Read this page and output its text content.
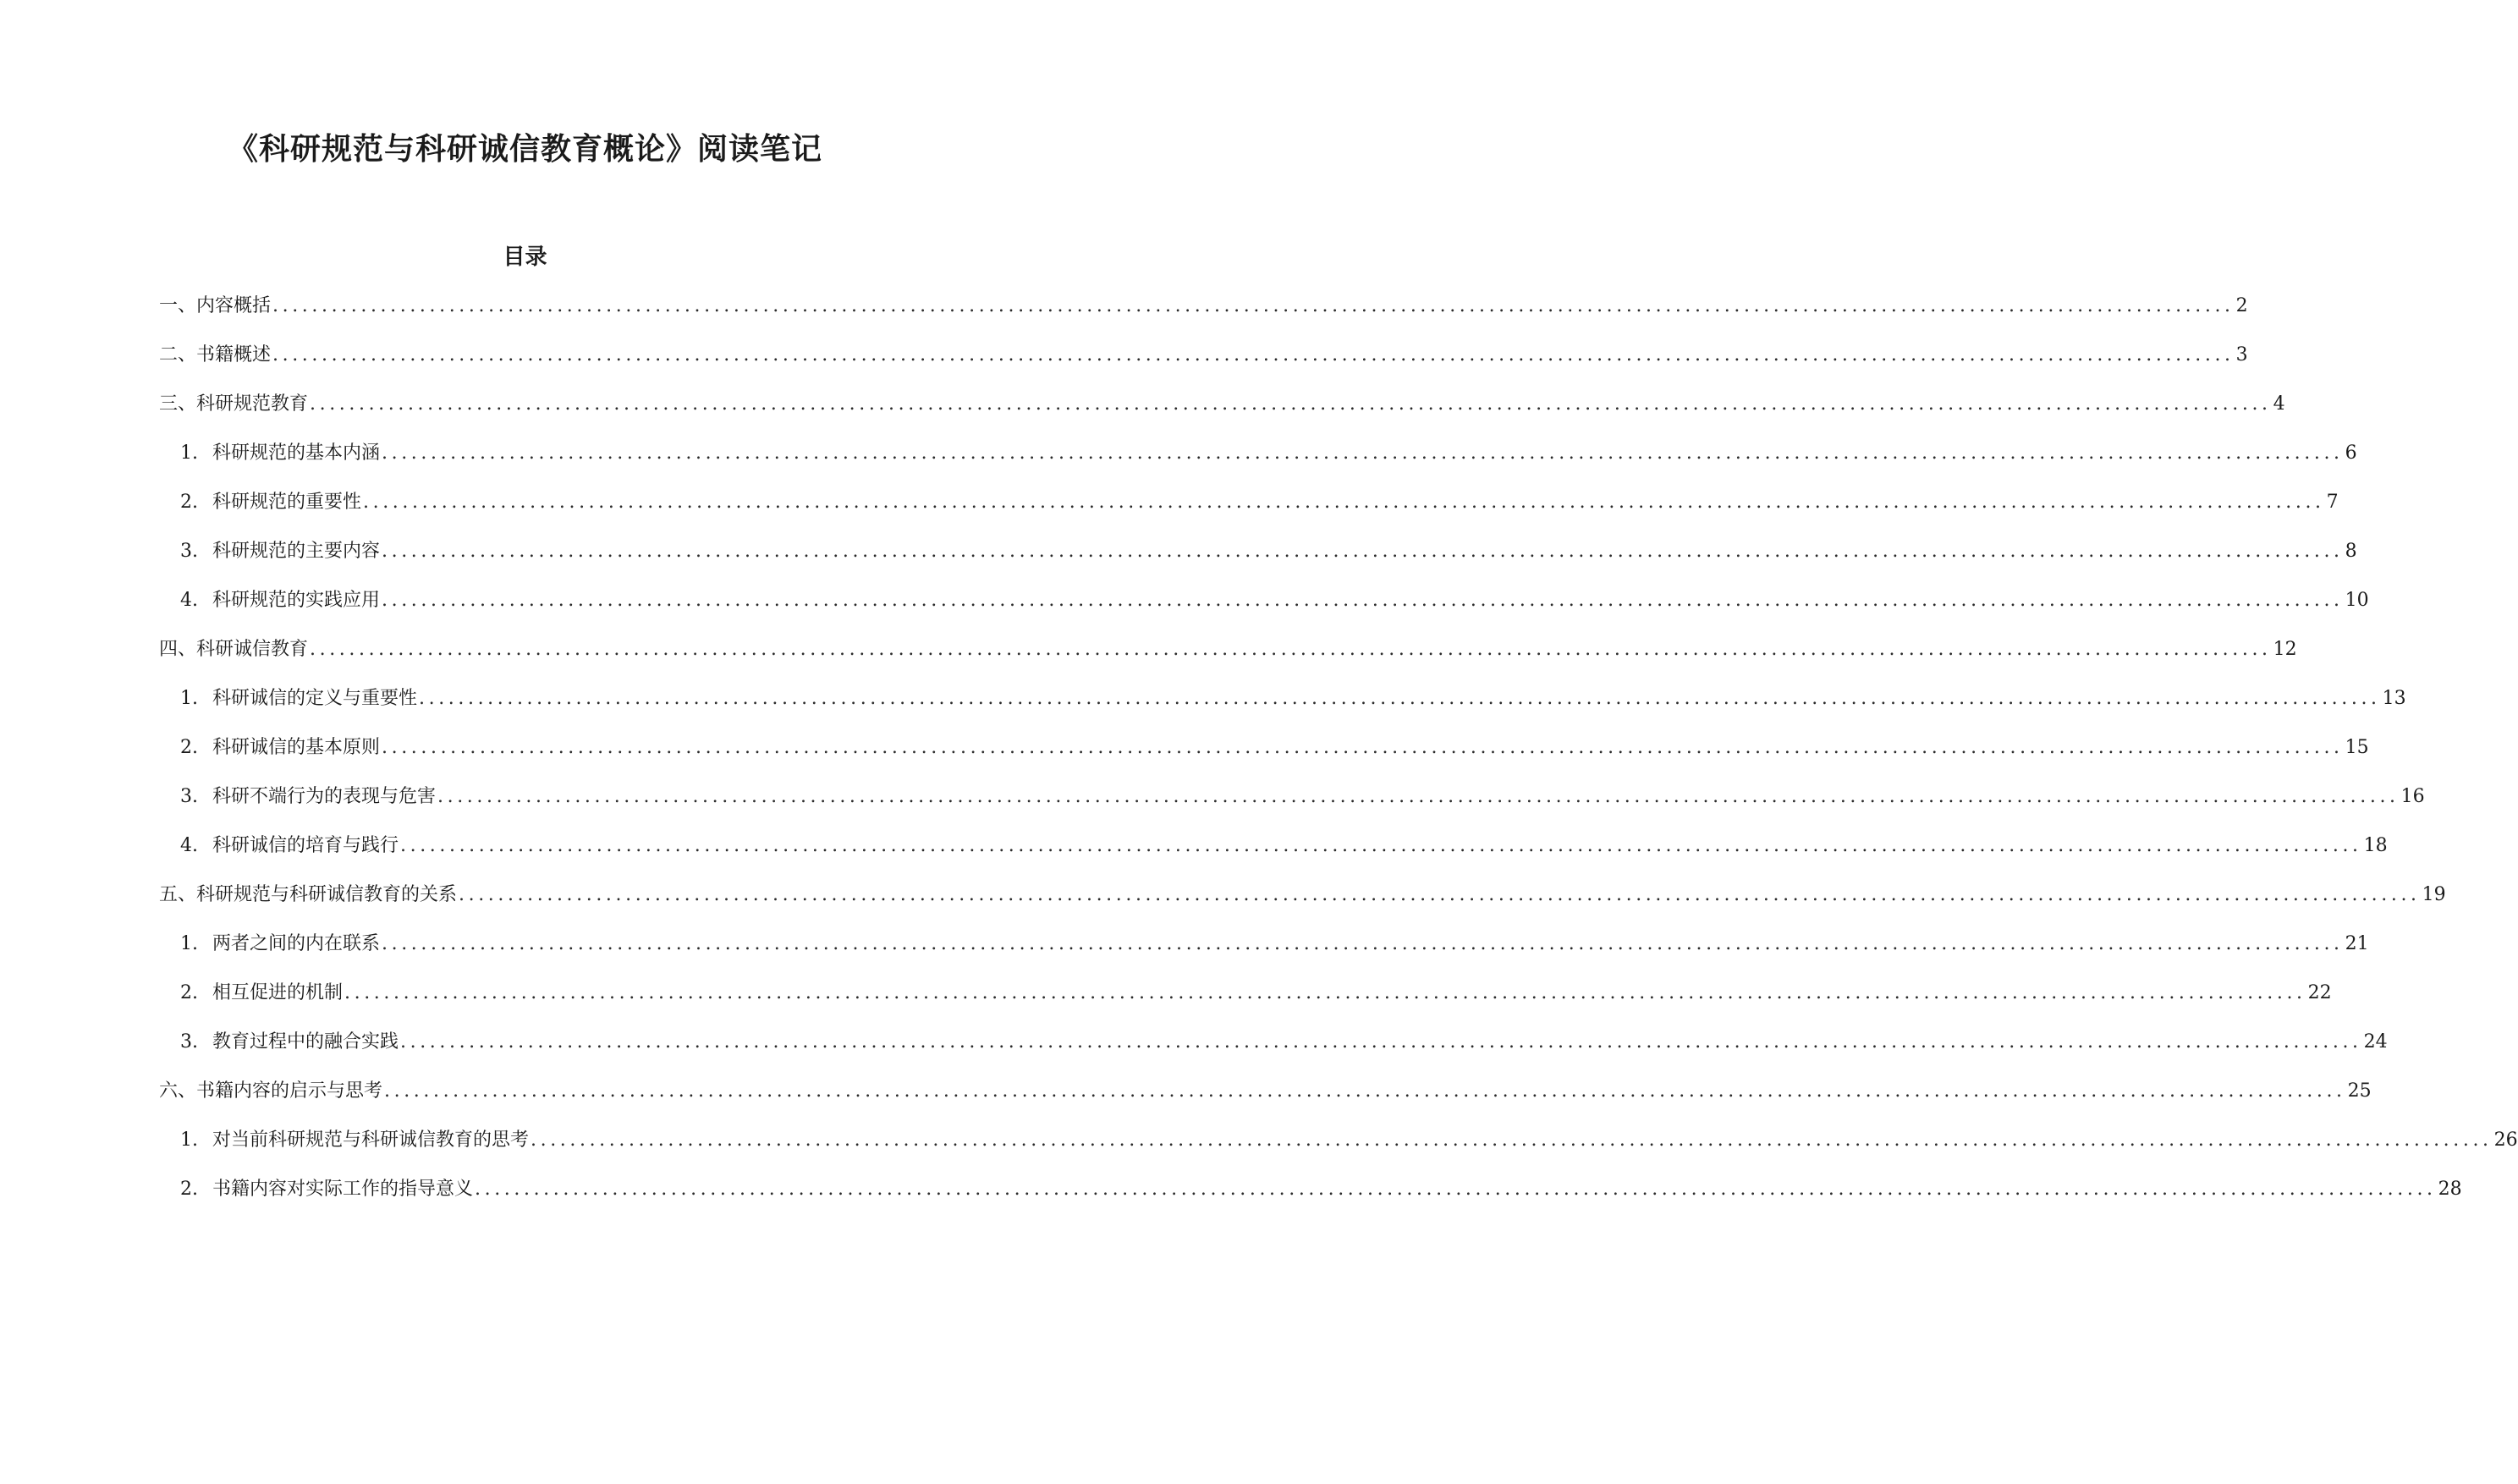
《科研规范与科研诚信教育概论》阅读笔记
目录
一、内容概括 ........................................................................................................................................................................................................ 2
二、书籍概述 ........................................................................................................................................................................................................ 3
三、科研规范教育 ........................................................................................................................................................................................................ 4
1. 科研规范的基本内涵 ........................................................................................................................................................................................................ 6
2. 科研规范的重要性 ........................................................................................................................................................................................................ 7
3. 科研规范的主要内容 ........................................................................................................................................................................................................ 8
4. 科研规范的实践应用 ........................................................................................................................................................................................................ 10
四、科研诚信教育 ........................................................................................................................................................................................................ 12
1. 科研诚信的定义与重要性 ........................................................................................................................................................................................................ 13
2. 科研诚信的基本原则 ........................................................................................................................................................................................................ 15
3. 科研不端行为的表现与危害 ........................................................................................................................................................................................................ 16
4. 科研诚信的培育与践行 ........................................................................................................................................................................................................ 18
五、科研规范与科研诚信教育的关系 ........................................................................................................................................................................................................ 19
1. 两者之间的内在联系 ........................................................................................................................................................................................................ 21
2. 相互促进的机制 ........................................................................................................................................................................................................ 22
3. 教育过程中的融合实践 ........................................................................................................................................................................................................ 24
六、书籍内容的启示与思考 ........................................................................................................................................................................................................ 25
1. 对当前科研规范与科研诚信教育的思考 ........................................................................................................................................................................................................ 26
2. 书籍内容对实际工作的指导意义 ........................................................................................................................................................................................................ 28
